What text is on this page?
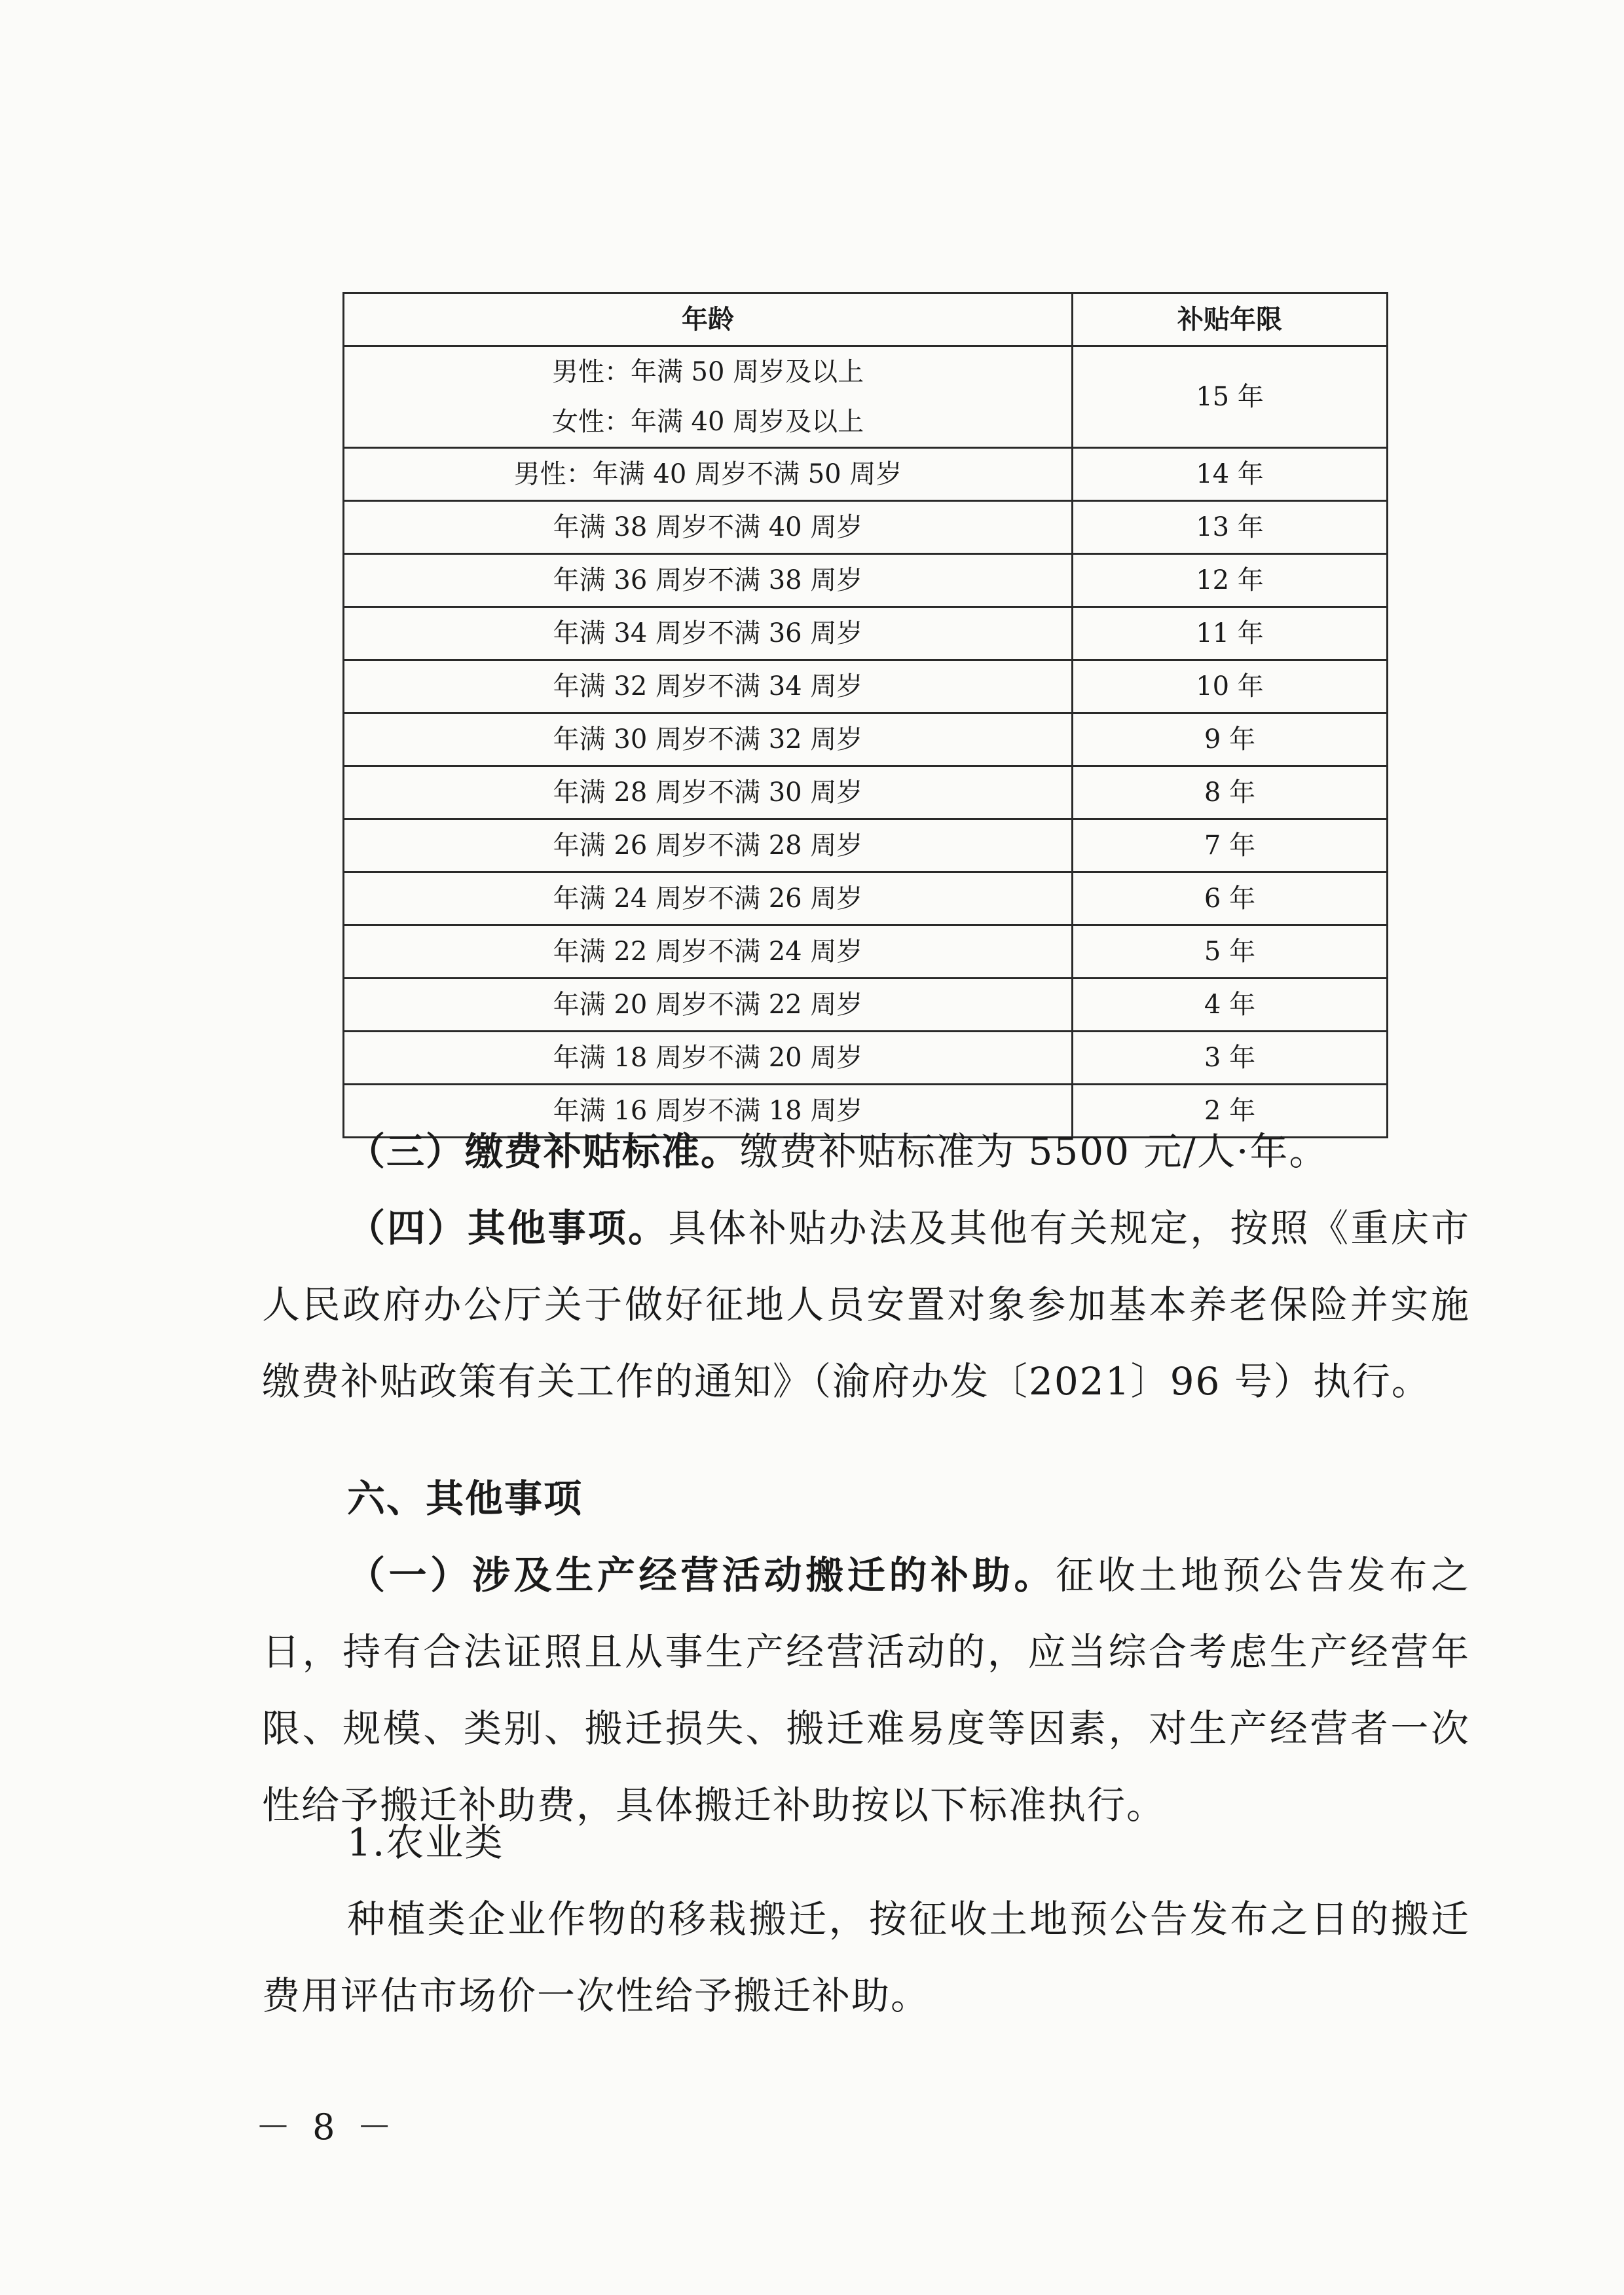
年龄	补贴年限

男性：年满 50 周岁及以上
女性：年满 40 周岁及以上	15 年

男性：年满 40 周岁不满 50 周岁	14 年

年满 38 周岁不满 40 周岁	13 年

年满 36 周岁不满 38 周岁	12 年

年满 34 周岁不满 36 周岁	11 年

年满 32 周岁不满 34 周岁	10 年

年满 30 周岁不满 32 周岁	9 年

年满 28 周岁不满 30 周岁	8 年

年满 26 周岁不满 28 周岁	7 年

年满 24 周岁不满 26 周岁	6 年

年满 22 周岁不满 24 周岁	5 年

年满 20 周岁不满 22 周岁	4 年

年满 18 周岁不满 20 周岁	3 年

年满 16 周岁不满 18 周岁	2 年
（三）缴费补贴标准。缴费补贴标准为 5500 元/人·年。
（四）其他事项。具体补贴办法及其他有关规定，按照《重庆市人民政府办公厅关于做好征地人员安置对象参加基本养老保险并实施缴费补贴政策有关工作的通知》（渝府办发〔2021〕96 号）执行。
六、其他事项
（一）涉及生产经营活动搬迁的补助。征收土地预公告发布之日，持有合法证照且从事生产经营活动的，应当综合考虑生产经营年限、规模、类别、搬迁损失、搬迁难易度等因素，对生产经营者一次性给予搬迁补助费，具体搬迁补助按以下标准执行。
1.农业类
种植类企业作物的移栽搬迁，按征收土地预公告发布之日的搬迁费用评估市场价一次性给予搬迁补助。
－ 8 －
